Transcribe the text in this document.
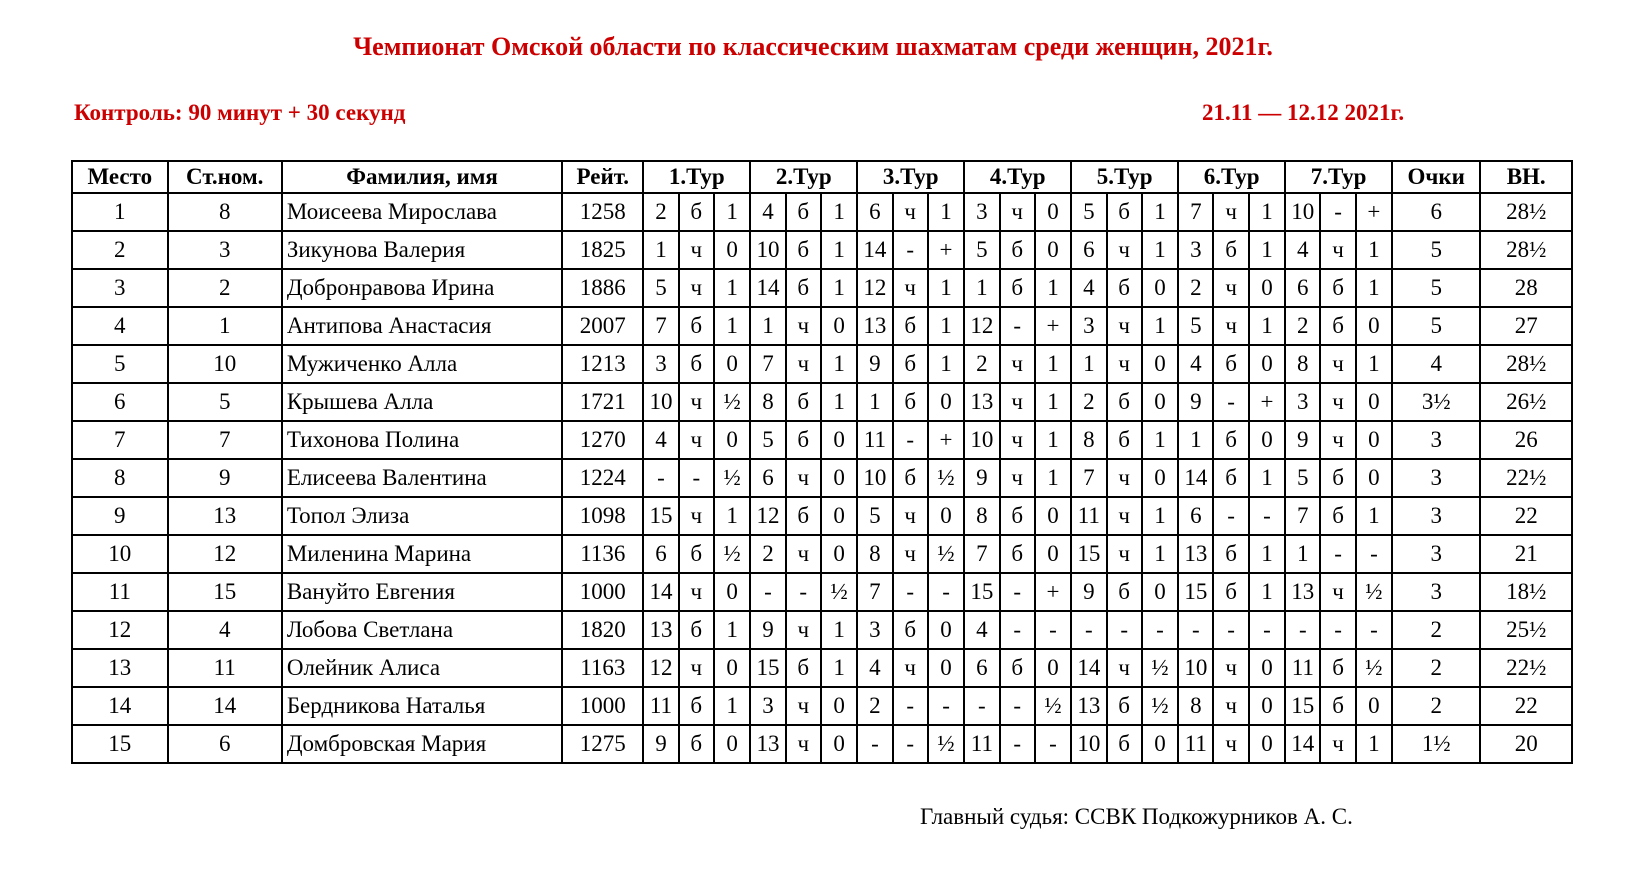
Чемпионат Омской области по классическим шахматам среди женщин, 2021г.
Контроль: 90 минут + 30 секунд	21.11 — 12.12 2021г.
Место	Ст.ном.	Фамилия, имя	Рейт.	1.Тур			2.Тур			3.Тур			4.Тур			5.Тур			6.Тур			7.Тур			Очки	ВН.
1	8	Моисеева Мирослава	1258	2	б	1	4	б	1	6	ч	1	3	ч	0	5	б	1	7	ч	1	10	-	+	6	28½
2	3	Зикунова Валерия	1825	1	ч	0	10	б	1	14	-	+	5	б	0	6	ч	1	3	б	1	4	ч	1	5	28½
3	2	Добронравова Ирина	1886	5	ч	1	14	б	1	12	ч	1	1	б	1	4	б	0	2	ч	0	6	б	1	5	28
4	1	Антипова Анастасия	2007	7	б	1	1	ч	0	13	б	1	12	-	+	3	ч	1	5	ч	1	2	б	0	5	27
5	10	Мужиченко Алла	1213	3	б	0	7	ч	1	9	б	1	2	ч	1	1	ч	0	4	б	0	8	ч	1	4	28½
6	5	Крышева Алла	1721	10	ч	½	8	б	1	1	б	0	13	ч	1	2	б	0	9	-	+	3	ч	0	3½	26½
7	7	Тихонова Полина	1270	4	ч	0	5	б	0	11	-	+	10	ч	1	8	б	1	1	б	0	9	ч	0	3	26
8	9	Елисеева Валентина	1224	-	-	½	6	ч	0	10	б	½	9	ч	1	7	ч	0	14	б	1	5	б	0	3	22½
9	13	Топол Элиза	1098	15	ч	1	12	б	0	5	ч	0	8	б	0	11	ч	1	6	-	-	7	б	1	3	22
10	12	Миленина Марина	1136	6	б	½	2	ч	0	8	ч	½	7	б	0	15	ч	1	13	б	1	1	-	-	3	21
11	15	Вануйто Евгения	1000	14	ч	0	-	-	½	7	-	-	15	-	+	9	б	0	15	б	1	13	ч	½	3	18½
12	4	Лобова Светлана	1820	13	б	1	9	ч	1	3	б	0	4	-	-	-	-	-	-	-	-	-	-	-	2	25½
13	11	Олейник Алиса	1163	12	ч	0	15	б	1	4	ч	0	6	б	0	14	ч	½	10	ч	0	11	б	½	2	22½
14	14	Бердникова Наталья	1000	11	б	1	3	ч	0	2	-	-	-	-	½	13	б	½	8	ч	0	15	б	0	2	22
15	6	Домбровская Мария	1275	9	б	0	13	ч	0	-	-	½	11	-	-	10	б	0	11	ч	0	14	ч	1	1½	20
Главный судья: ССВК Подкожурников А. С.
